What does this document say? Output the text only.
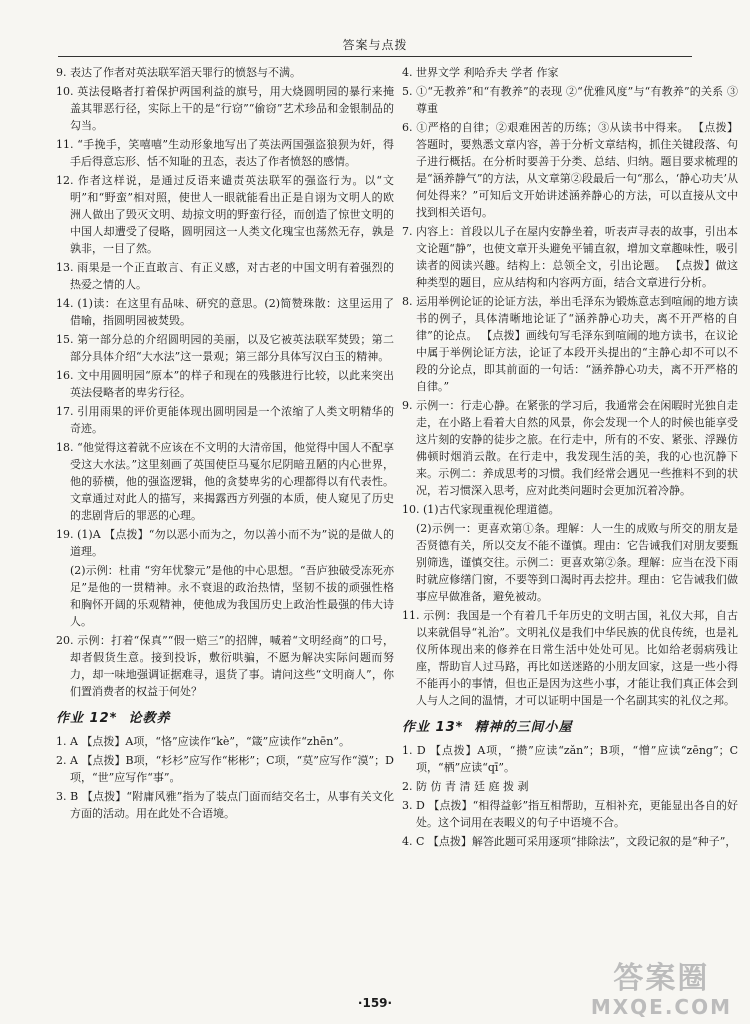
答案与点拨
9. 表达了作者对英法联军滔天罪行的愤怒与不满。
10. 英法侵略者打着保护两国利益的旗号，用大烧圆明园的暴行来掩盖其罪恶行径，实际上干的是“行窃”“偷窃”艺术珍品和金银制品的勾当。
11. “手挽手，笑嘻嘻”生动形象地写出了英法两国强盗狼狈为奸，得手后得意忘形、恬不知耻的丑态，表达了作者愤怒的感情。
12. 作者这样说，是通过反语来谴责英法联军的强盗行为。以“文明”和“野蛮”相对照，使世人一眼就能看出正是自诩为文明人的欧洲人做出了毁灭文明、劫掠文明的野蛮行径，而创造了惊世文明的中国人却遭受了侵略，圆明园这一人类文化瑰宝也荡然无存，孰是孰非，一目了然。
13. 雨果是一个正直敢言、有正义感，对古老的中国文明有着强烈的热爱之情的人。
14. (1)读：在这里有品味、研究的意思。(2)简赞珠散：这里运用了借喻，指圆明园被焚毁。
15. 第一部分总的介绍圆明园的美丽，以及它被英法联军焚毁；第二部分具体介绍“大水法”这一景观；第三部分具体写汉白玉的精神。
16. 文中用圆明园“原本”的样子和现在的残骸进行比较，以此来突出英法侵略者的卑劣行径。
17. 引用雨果的评价更能体现出圆明园是一个浓缩了人类文明精华的奇迹。
18. “他觉得这着就不应该在不文明的大清帝国，他觉得中国人不配享受这大水法。”这里刻画了英国使臣马戛尔尼阴暗丑陋的内心世界，他的骄横，他的强盗逻辑，他的贪婪卑劣的心理都得以有代表性。文章通过对此人的描写，来揭露西方列强的本质，使人窥见了历史的悲剧背后的罪恶的心理。
19. (1)A 【点拨】“勿以恶小而为之，勿以善小而不为”说的是做人的道理。
(2)示例：杜甫 “穷年忧黎元”是他的中心思想。“吾庐独破受冻死亦足”是他的一贯精神。永不衰退的政治热情，坚韧不拔的顽强性格和胸怀开阔的乐观精神，使他成为我国历史上政治性最强的伟大诗人。
20. 示例：打着“保真”“假一赔三”的招牌，喊着“文明经商”的口号，却者假货生意。接到投诉，敷衍哄骗，不愿为解决实际问题而努力，却一味地强调证据难寻，退货了事。请问这些“文明商人”，你们置消费者的权益于何处？
作业 12* 论教养
1. A 【点拨】A项，“恪”应读作“kè”，“箴”应读作“zhēn”。
2. A 【点拨】B项，“杉杉”应写作“彬彬”；C项，“莫”应写作“漠”；D项，“世”应写作“事”。
3. B 【点拨】“附庸风雅”指为了装点门面而结交名士，从事有关文化方面的活动。用在此处不合语境。
4. 世界文学 利哈乔夫 学者 作家
5. ①“无教养”和“有教养”的表现 ②“优雅风度”与“有教养”的关系 ③尊重
6. ①严格的自律；②艰难困苦的历练；③从读书中得来。 【点拨】答题时，要熟悉文章内容，善于分析文章结构，抓住关键段落、句子进行概括。在分析时要善于分类、总结、归纳。题目要求梳理的是“涵养静气”的方法，从文章第②段最后一句“那么，‘静心功夫’从何处得来？”可知后文开始讲述涵养静心的方法，可以直接从文中找到相关语句。
7. 内容上：首段以儿子在屋内安静坐着，听表声寻表的故事，引出本文论题“静”，也使文章开头避免平铺直叙，增加文章趣味性，吸引读者的阅读兴趣。结构上：总领全文，引出论题。 【点拨】做这种类型的题目，应从结构和内容两方面，结合文章进行分析。
8. 运用举例论证的论证方法，举出毛泽东为锻炼意志到喧闹的地方读书的例子，具体清晰地论证了“涵养静心功夫，离不开严格的自律”的论点。 【点拨】画线句写毛泽东到喧闹的地方读书，在议论中属于举例论证方法，论证了本段开头提出的“主静心却不可以不段的分论点，即其前面的一句话：“涵养静心功夫，离不开严格的自律。”
9. 示例一：行走心静。在紧张的学习后，我通常会在闲暇时光独自走走，在小路上看着大自然的风景，你会发现一个人的时候也能享受这片刻的安静的徒步之旅。在行走中，所有的不安、紧张、浮躁仿佛顿时烟消云散。在行走中，我发现生活的美，我的心也沉静下来。示例二：养成思考的习惯。我们经常会遇见一些推料不到的状况，若习惯深入思考，应对此类问题时会更加沉着冷静。
10. (1)古代家现重视伦理道德。
(2)示例一：更喜欢第①条。理解：人一生的成败与所交的朋友是否贤德有关，所以交友不能不谨慎。理由：它告诫我们对朋友要甄别筛选，谨慎交往。示例二：更喜欢第②条。理解：应当在没下雨时就应修缮门窗，不要等到口渴时再去挖井。理由：它告诫我们做事应早做准备，避免被动。
11. 示例：我国是一个有着几千年历史的文明古国，礼仪大邦，自古以来就倡导“礼治”。文明礼仪是我们中华民族的优良传统，也是礼仪所体现出来的修养在日常生活中处处可见。比如给老弱病残让座，帮助盲人过马路，再比如送迷路的小朋友回家，这是一些小得不能再小的事情，但也正是因为这些小事，才能让我们真正体会到人与人之间的温情，才可以证明中国是一个名副其实的礼仪之邦。
作业 13* 精神的三间小屋
1. D 【点拨】A项，“攒”应读“zǎn”；B项，“憎”应读“zēng”；C项，“栖”应读“qī”。
2. 防 仿 青 清 廷 庭 拨 剥
3. D 【点拨】“相得益彰”指互相帮助，互相补充，更能显出各自的好处。这个词用在表暇义的句子中语境不合。
4. C 【点拨】解答此题可采用逐项“排除法”，文段记叙的是“种子”，
·159·
答案圈
MXQE.COM
